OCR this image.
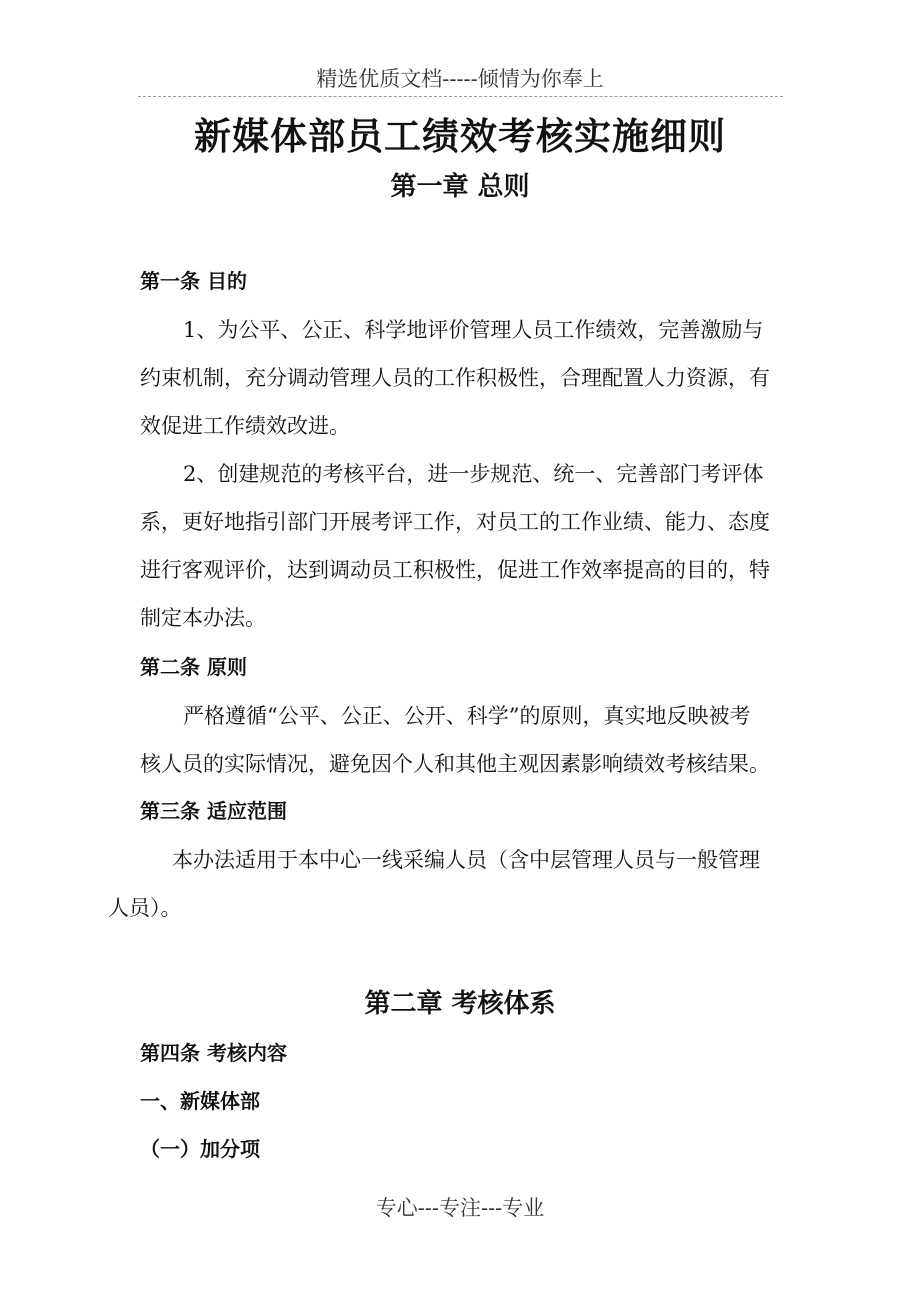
精选优质文档-----倾情为你奉上
新媒体部员工绩效考核实施细则
第一章 总则
第一条 目的

1、为公平、公正、科学地评价管理人员工作绩效，完善激励与

约束机制，充分调动管理人员的工作积极性，合理配置人力资源，有

效促进工作绩效改进。

2、创建规范的考核平台，进一步规范、统一、完善部门考评体

系，更好地指引部门开展考评工作，对员工的工作业绩、能力、态度

进行客观评价，达到调动员工积极性，促进工作效率提高的目的，特

制定本办法。

第二条 原则

严格遵循“公平、公正、公开、科学”的原则，真实地反映被考

核人员的实际情况，避免因个人和其他主观因素影响绩效考核结果。

第三条 适应范围

本办法适用于本中心一线采编人员（含中层管理人员与一般管理

人员）。

第二章 考核体系
第四条 考核内容
一、新媒体部
（一）加分项
专心---专注---专业
